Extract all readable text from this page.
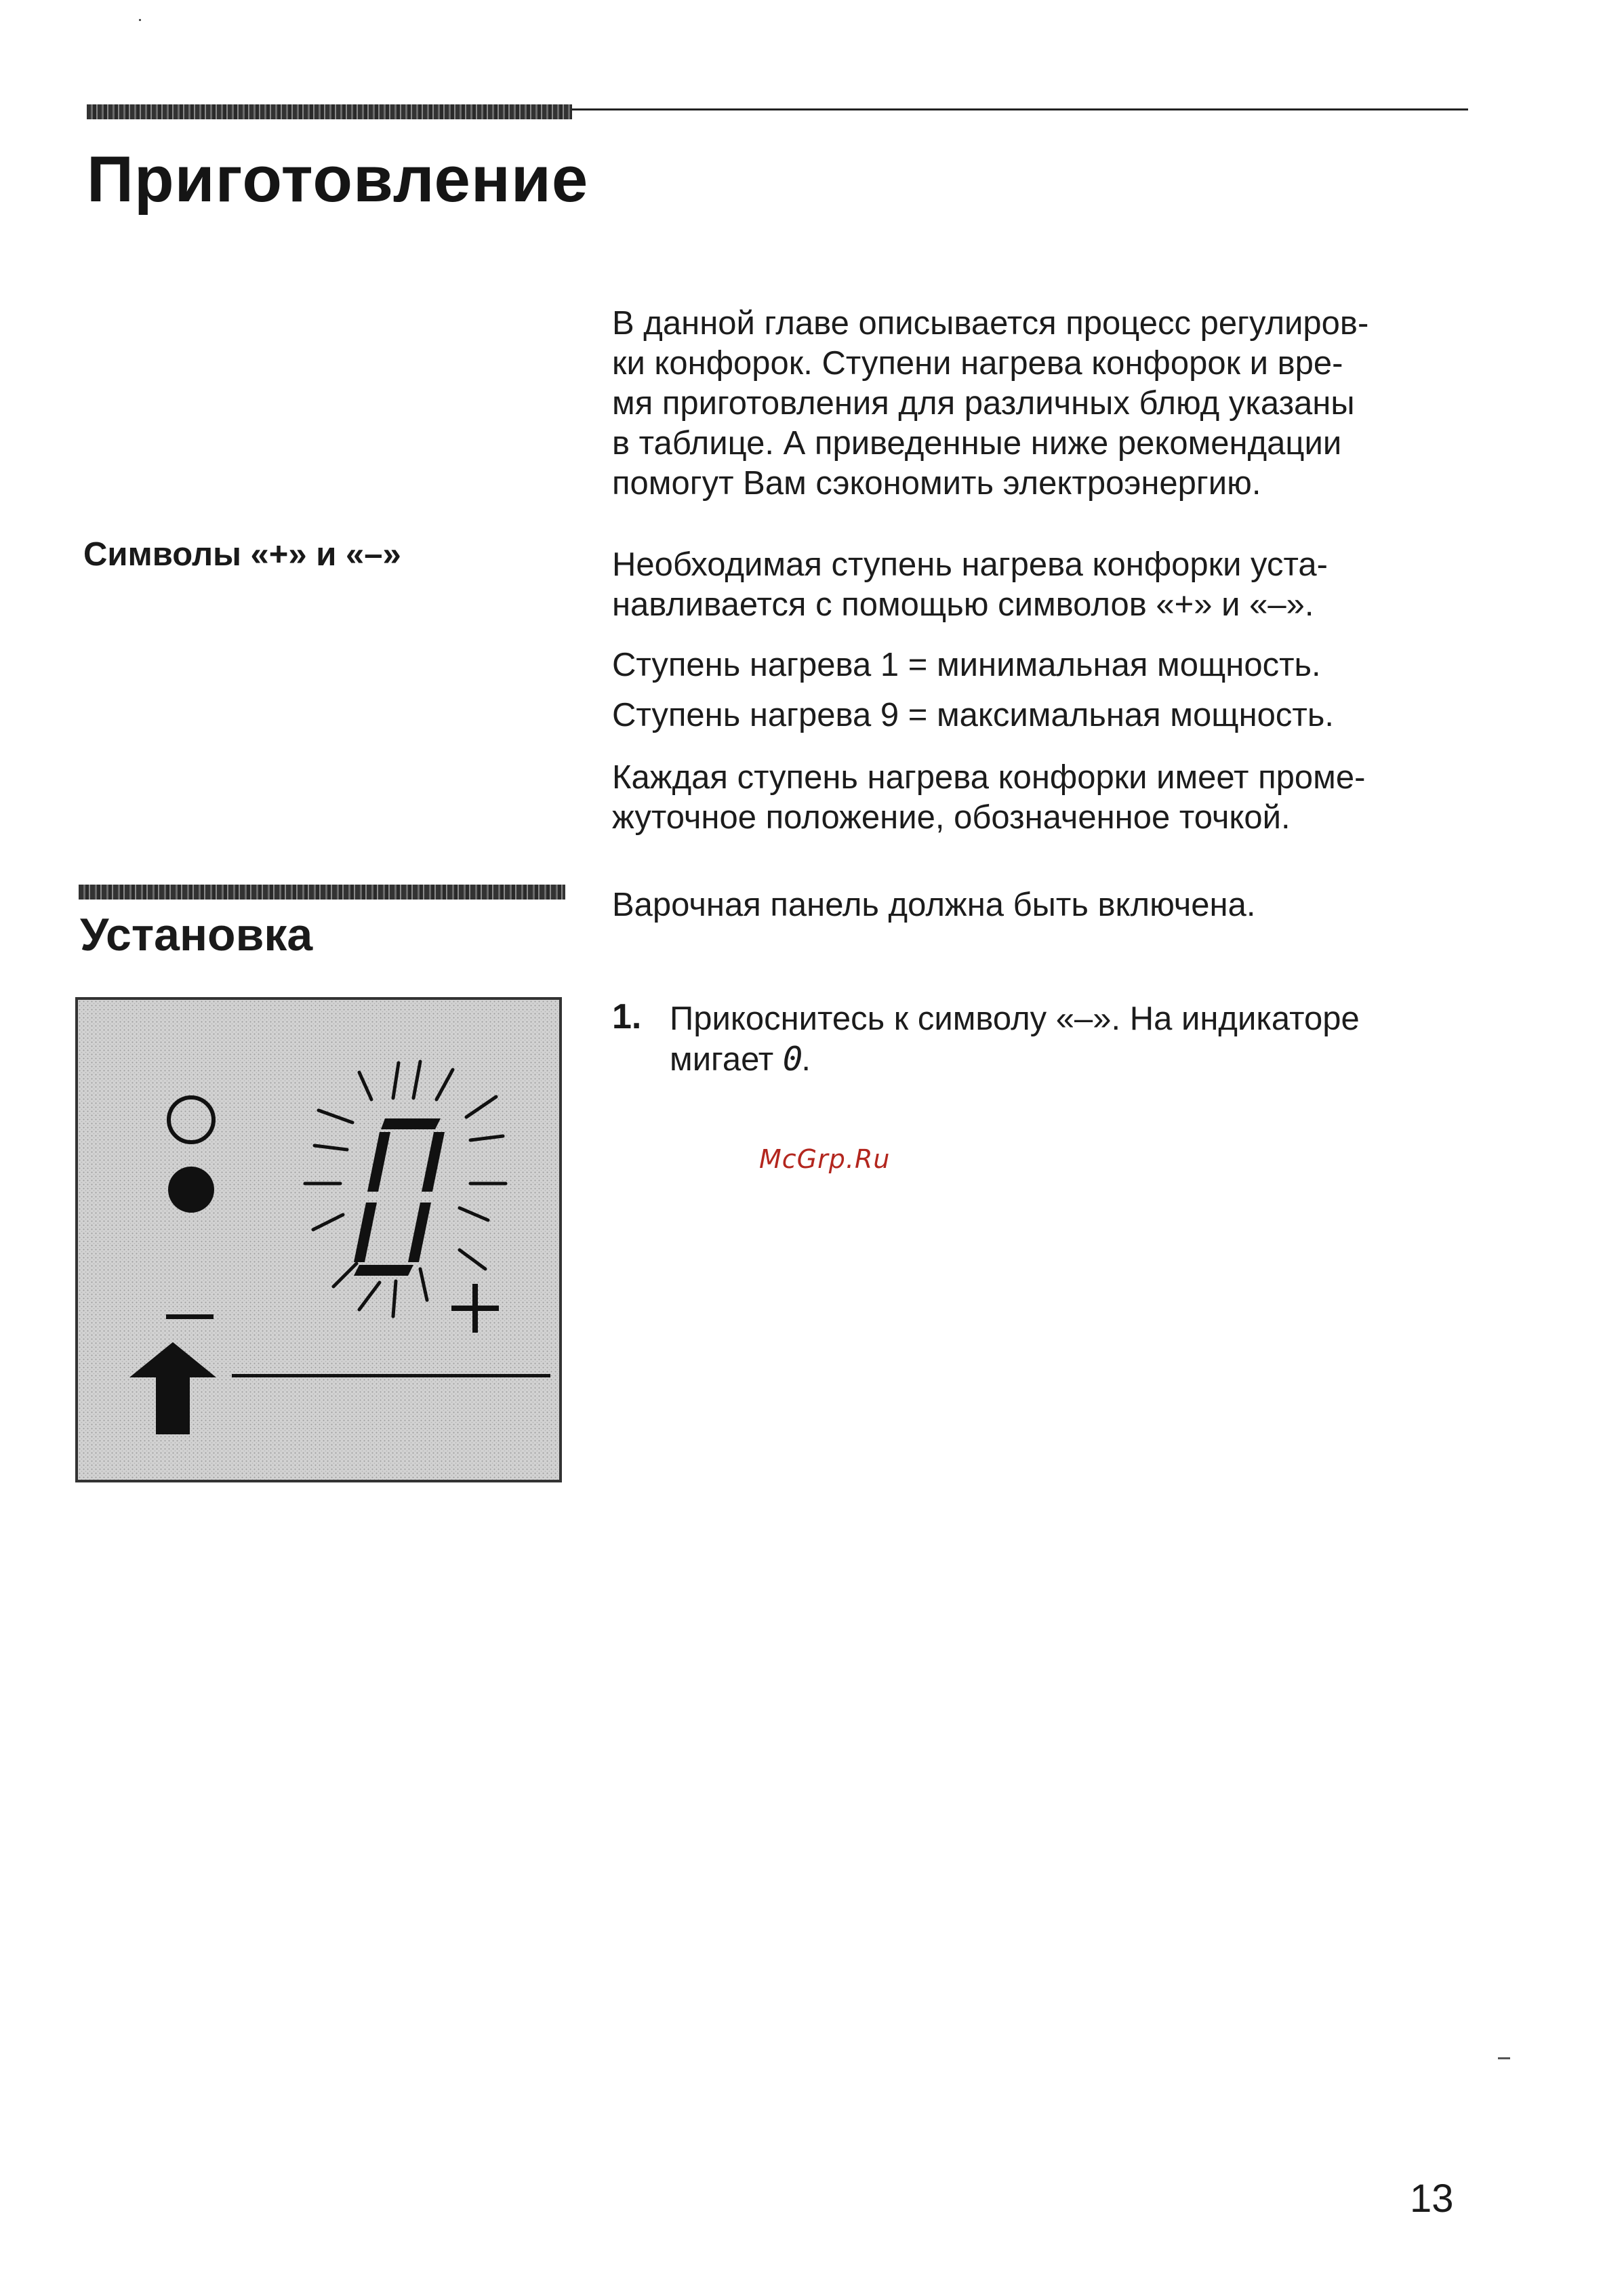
Приготовление
В данной главе описывается процесс регулиров-
ки конфорок. Ступени нагрева конфорок и вре-
мя приготовления для различных блюд указаны
в таблице. А приведенные ниже рекомендации
помогут Вам сэкономить электроэнергию.
Символы «+» и «–»	Необходимая ступень нагрева конфорки уста-
навливается с помощью символов «+» и «–».
Ступень нагрева 1 = минимальная мощность.
Ступень нагрева 9 = максимальная мощность.
Каждая ступень нагрева конфорки имеет проме-
жуточное положение, обозначенное точкой.
Установка
Варочная панель должна быть включена.
1. Прикоснитесь к символу «–». На индикаторе
мигает 0.
McGrp.Ru
13
